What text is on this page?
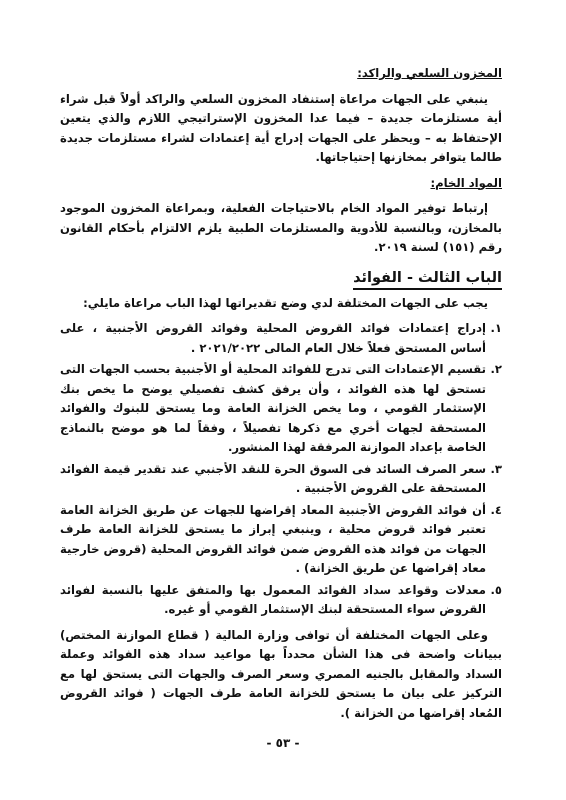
المخزون السلعي والراكد:

ينبغي على الجهات مراعاة إستنفاد المخزون السلعي والراكد أولاً قبل شراء أية مستلزمات جديدة – فيما عدا المخزون الإستراتيجي اللازم والذي يتعين الإحتفاظ به – ويحظر على الجهات إدراج أية إعتمادات لشراء مستلزمات جديدة طالما يتوافر بمخازنها إحتياجاتها.

المواد الخام:

إرتباط توفير المواد الخام بالاحتياجات الفعلية، وبمراعاة المخزون الموجود بالمخازن، وبالنسبة للأدوية والمستلزمات الطبية يلزم الالتزام بأحكام القانون رقم (١٥١) لسنة ٢٠١٩.

الباب الثالث - الفوائد

يجب على الجهات المختلفة لدي وضع تقديراتها لهذا الباب مراعاة مايلي:

١.
إدراج إعتمادات فوائد القروض المحلية وفوائد القروض الأجنبية ، على أساس المستحق فعلاً خلال العام المالى ٢٠٢١/٢٠٢٢ .
٢.
تقسيم الإعتمادات التى تدرج للفوائد المحلية أو الأجنبية بحسب الجهات التى تستحق لها هذه الفوائد ، وأن يرفق كشف تفصيلي يوضح ما يخص بنك الإستثمار القومي ، وما يخص الخزانة العامة وما يستحق للبنوك والفوائد المستحقة لجهات أخري مع ذكرها تفصيلاً ، وفقاً لما هو موضح بالنماذج الخاصة بإعداد الموازنة المرفقة لهذا المنشور.
٣.
سعر الصرف السائد فى السوق الحرة للنقد الأجنبي عند تقدير قيمة الفوائد المستحقة على القروض الأجنبية .
٤.
أن فوائد القروض الأجنبية المعاد إقراضها للجهات عن طريق الخزانة العامة تعتبر فوائد قروض محلية ، وينبغي إبراز ما يستحق للخزانة العامة طرف الجهات من فوائد هذه القروض ضمن فوائد القروض المحلية (قروض خارجية معاد إقراضها عن طريق الخزانة) .
٥.
معدلات وقواعد سداد الفوائد المعمول بها والمتفق عليها بالنسبة لفوائد القروض سواء المستحقة لبنك الإستثمار القومي أو غيره.

وعلى الجهات المختلفة أن توافى وزارة المالية ( قطاع الموازنة المختص) ببيانات واضحة فى هذا الشأن محدداً بها مواعيد سداد هذه الفوائد وعملة السداد والمقابل بالجنيه المصري وسعر الصرف والجهات التى يستحق لها مع التركيز على بيان ما يستحق للخزانة العامة طرف الجهات ( فوائد القروض المُعاد إقراضها من الخزانة ).

- ٥٣ -
